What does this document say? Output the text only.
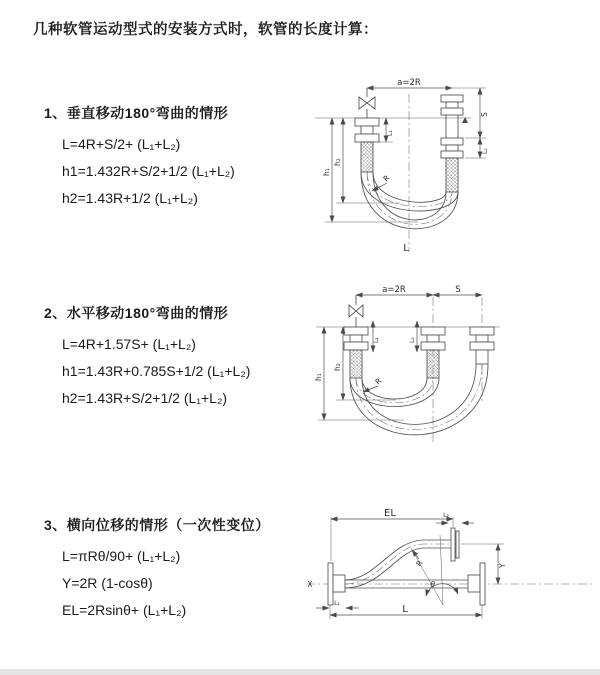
几种软管运动型式的安装方式时，软管的长度计算：
1、垂直移动180°弯曲的情形
L=4R+S/2+ (L₁+L₂)
h1=1.432R+S/2+1/2 (L₁+L₂)
h2=1.43R+1/2 (L₁+L₂)
2、水平移动180°弯曲的情形
L=4R+1.57S+ (L₁+L₂)
h1=1.43R+0.785S+1/2 (L₁+L₂)
h2=1.43R+S/2+1/2 (L₁+L₂)
3、横向位移的情形（一次性变位）
L=πRθ/90+ (L₁+L₂)
Y=2R (1-cosθ)
EL=2Rsinθ+ (L₁+L₂)
a=2R
L₁
S
L₂
h₁
h₂
R
L
a=2R	S
L₁	L₂
h₁
h₂
R
X
EL	L₂
Y
θ
R
L₁
L
